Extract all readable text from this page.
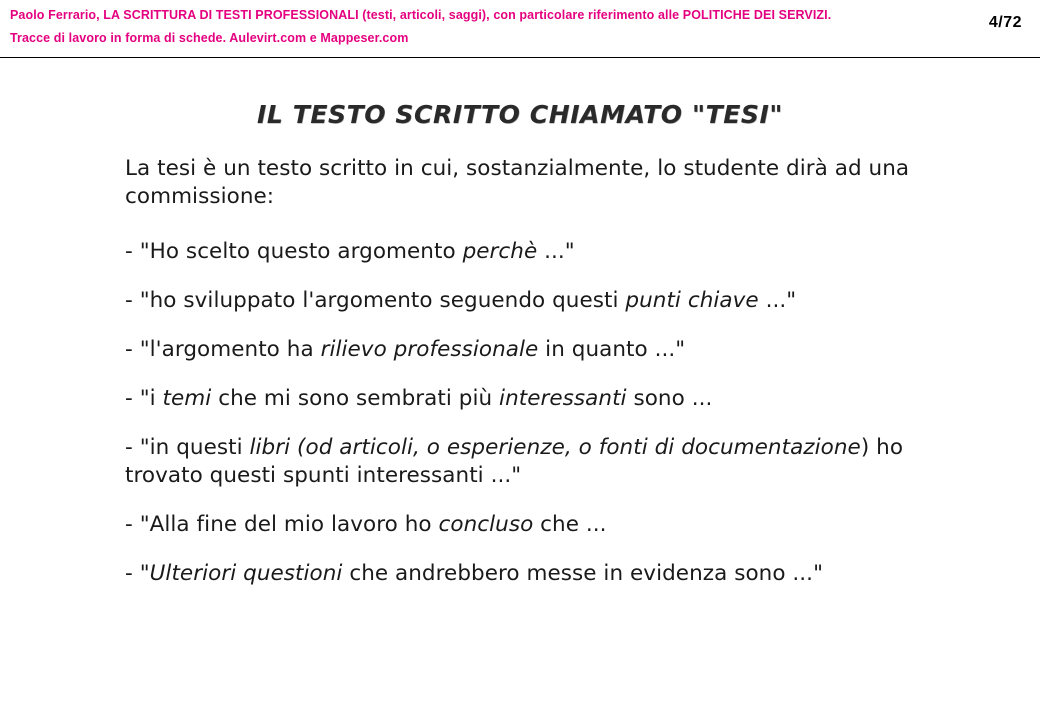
Paolo Ferrario, LA SCRITTURA DI TESTI PROFESSIONALI (testi, articoli, saggi), con particolare riferimento alle POLITICHE DEI SERVIZI.
Tracce di lavoro in forma di schede. Aulevirt.com e Mappeser.com
4/72
IL TESTO SCRITTO CHIAMATO "TESI"

La tesi è un testo scritto in cui, sostanzialmente, lo studente dirà ad una commissione:

- "Ho scelto questo argomento perchè ..."

- "ho sviluppato l'argomento seguendo questi punti chiave ..."

- "l'argomento ha rilievo professionale in quanto ..."

- "i temi che mi sono sembrati più interessanti sono ...

- "in questi libri (od articoli, o esperienze, o fonti di documentazione) ho trovato questi spunti interessanti ..."

- "Alla fine del mio lavoro ho concluso che ...

- "Ulteriori questioni che andrebbero messe in evidenza sono ..."
